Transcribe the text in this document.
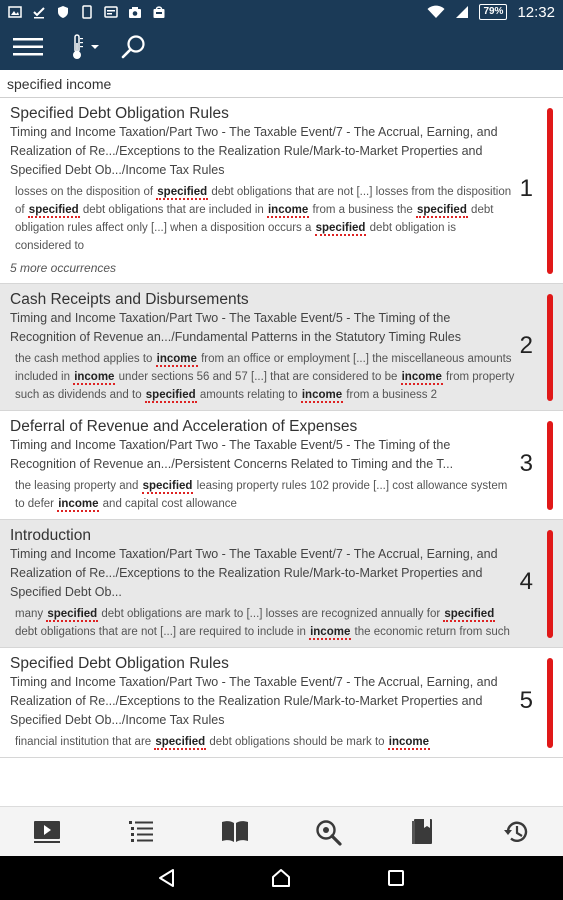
79% 12:32
specified income
Specified Debt Obligation Rules
Timing and Income Taxation/Part Two - The Taxable Event/7 - The Accrual, Earning, and Realization of Re.../Exceptions to the Realization Rule/Mark-to-Market Properties and Specified Debt Ob.../Income Tax Rules
losses on the disposition of specified debt obligations that are not [...] losses from the disposition of specified debt obligations that are included in income from a business the specified debt obligation rules affect only [...] when a disposition occurs a specified debt obligation is considered to
5 more occurrences
1
Cash Receipts and Disbursements
Timing and Income Taxation/Part Two - The Taxable Event/5 - The Timing of the Recognition of Revenue an.../Fundamental Patterns in the Statutory Timing Rules
the cash method applies to income from an office or employment [...] the miscellaneous amounts included in income under sections 56 and 57 [...] that are considered to be income from property such as dividends and to specified amounts relating to income from a business 2
2
Deferral of Revenue and Acceleration of Expenses
Timing and Income Taxation/Part Two - The Taxable Event/5 - The Timing of the Recognition of Revenue an.../Persistent Concerns Related to Timing and the T...
the leasing property and specified leasing property rules 102 provide [...] cost allowance system to defer income and capital cost allowance
3
Introduction
Timing and Income Taxation/Part Two - The Taxable Event/7 - The Accrual, Earning, and Realization of Re.../Exceptions to the Realization Rule/Mark-to-Market Properties and Specified Debt Ob...
many specified debt obligations are mark to [...] losses are recognized annually for specified debt obligations that are not [...] are required to include in income the economic return from such
4
Specified Debt Obligation Rules
Timing and Income Taxation/Part Two - The Taxable Event/7 - The Accrual, Earning, and Realization of Re.../Exceptions to the Realization Rule/Mark-to-Market Properties and Specified Debt Ob.../Income Tax Rules
financial institution that are specified debt obligations should be mark to income
5
